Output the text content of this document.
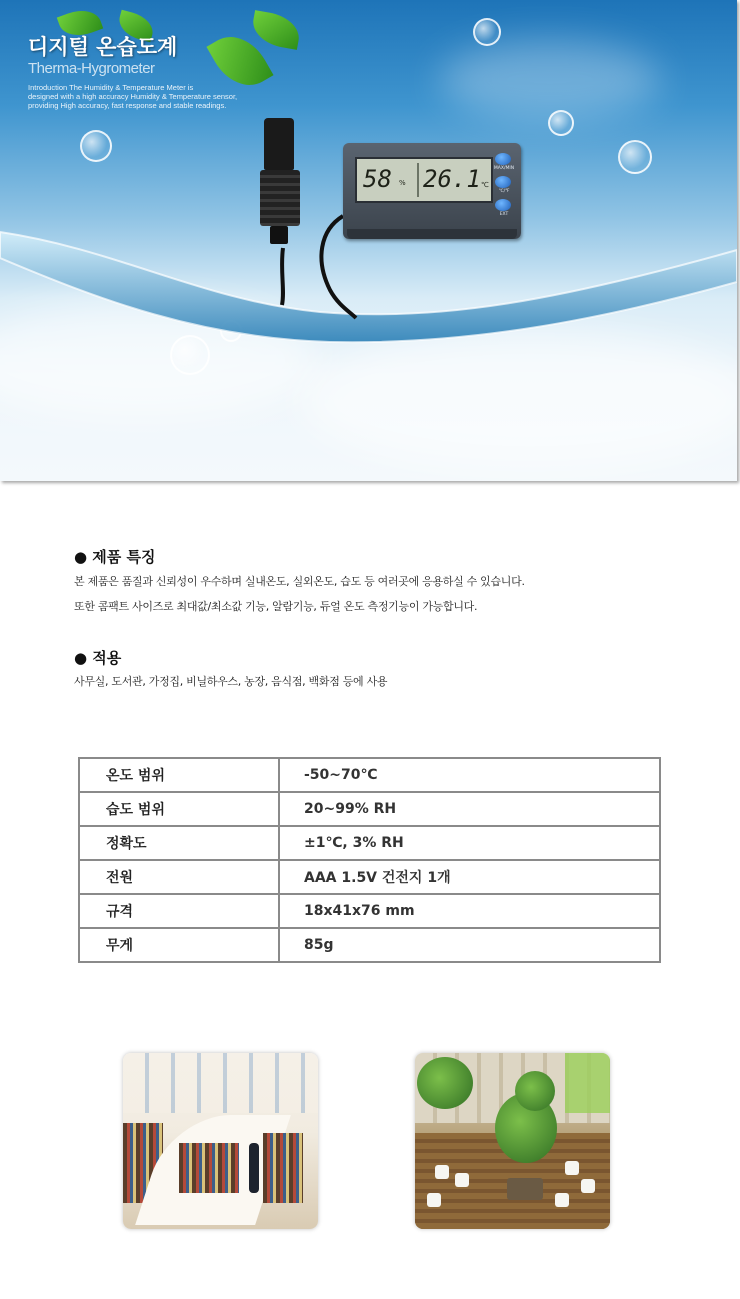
58 % 26.1 ℃
MAX/MIN
℃/℉
EXT
디지털 온습도계
Therma-Hygrometer
Introduction The Humidity & Temperature Meter is
designed with a high accuracy Humidity & Temperature sensor,
providing High accuracy, fast response and stable readings.
● 제품 특징
본 제품은 품질과 신뢰성이 우수하며 실내온도, 실외온도, 습도 등 여러곳에 응용하실 수 있습니다.
또한 콤팩트 사이즈로 최대값/최소값 기능, 알람기능, 듀얼 온도 측정기능이 가능합니다.
● 적용
사무실, 도서관, 가정집, 비닐하우스, 농장, 음식점, 백화점 등에 사용
온도 범위	-50~70℃
습도 범위	20~99% RH
정확도	±1℃, 3% RH
전원	AAA 1.5V 건전지 1개
규격	18x41x76 mm
무게	85g
